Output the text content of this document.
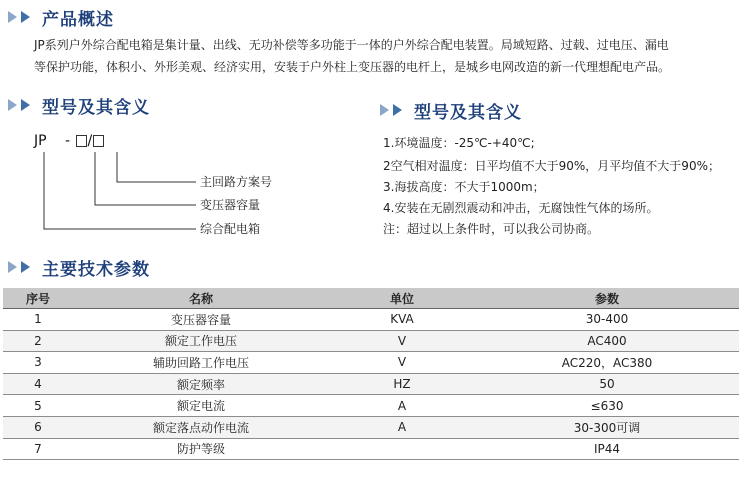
产品概述
JP系列户外综合配电箱是集计量、出线、无功补偿等多功能于一体的户外综合配电装置。局域短路、过载、过电压、漏电
等保护功能，体积小、外形美观、经济实用，安装于户外柱上变压器的电杆上，是城乡电网改造的新一代理想配电产品。
型号及其含义
JP - /
主回路方案号
变压器容量
综合配电箱
型号及其含义
1.环境温度：-25℃-+40℃;
2空气相对温度：日平均值不大于90%，月平均值不大于90%；
3.海拔高度：不大于1000m；
4.安装在无剧烈震动和冲击，无腐蚀性气体的场所。
注：超过以上条件时，可以我公司协商。
主要技术参数
序号	名称	单位	参数
1	变压器容量	KVA	30-400
2	额定工作电压	V	AC400
3	辅助回路工作电压	V	AC220，AC380
4	额定频率	HZ	50
5	额定电流	A	≤630
6	额定落点动作电流	A	30-300可调
7	防护等级		IP44
